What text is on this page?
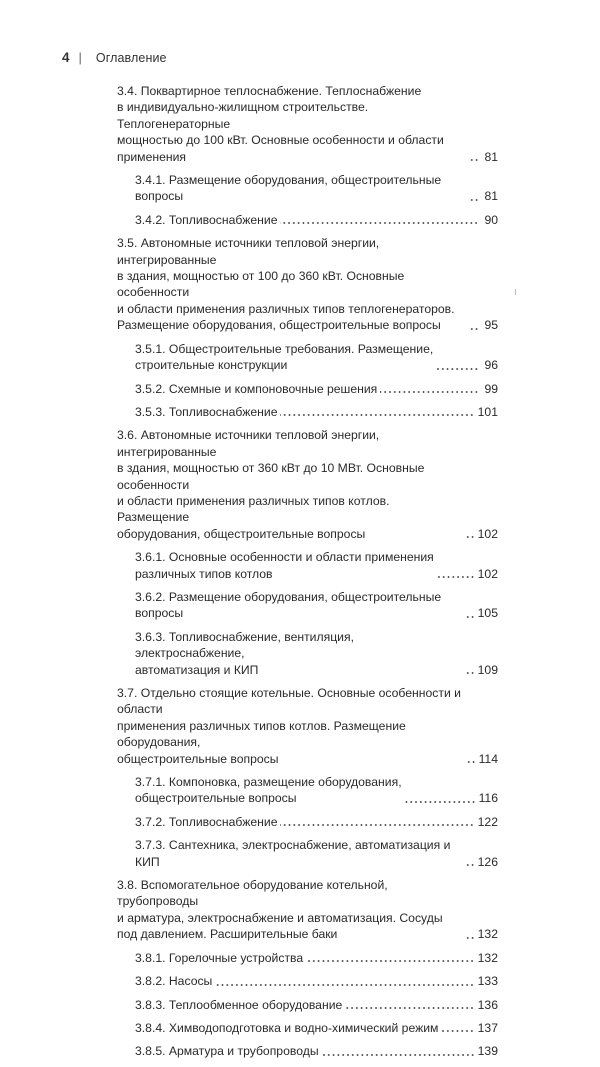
4 | Оглавление
3.4. Поквартирное теплоснабжение. Теплоснабжение
в индивидуально-жилищном строительстве. Теплогенераторные
мощностью до 100 кВт. Основные особенности и области применения	81
3.4.1. Размещение оборудования, общестроительные вопросы	81
3.4.2. Топливоснабжение	90
3.5. Автономные источники тепловой энергии, интегрированные
в здания, мощностью от 100 до 360 кВт. Основные особенности
и области применения различных типов теплогенераторов.
Размещение оборудования, общестроительные вопросы	95
3.5.1. Общестроительные требования. Размещение,
строительные конструкции	96
3.5.2. Схемные и компоновочные решения	99
3.5.3. Топливоснабжение	101
3.6. Автономные источники тепловой энергии, интегрированные
в здания, мощностью от 360 кВт до 10 МВт. Основные особенности
и области применения различных типов котлов. Размещение
оборудования, общестроительные вопросы	102
3.6.1. Основные особенности и области применения
различных типов котлов	102
3.6.2. Размещение оборудования, общестроительные вопросы	105
3.6.3. Топливоснабжение, вентиляция, электроснабжение,
автоматизация и КИП	109
3.7. Отдельно стоящие котельные. Основные особенности и области
применения различных типов котлов. Размещение оборудования,
общестроительные вопросы	114
3.7.1. Компоновка, размещение оборудования,
общестроительные вопросы	116
3.7.2. Топливоснабжение	122
3.7.3. Сантехника, электроснабжение, автоматизация и КИП	126
3.8. Вспомогательное оборудование котельной, трубопроводы
и арматура, электроснабжение и автоматизация. Сосуды
под давлением. Расширительные баки	132
3.8.1. Горелочные устройства	132
3.8.2. Насосы	133
3.8.3. Теплообменное оборудование	136
3.8.4. Химводоподготовка и водно-химический режим	137
3.8.5. Арматура и трубопроводы	139
